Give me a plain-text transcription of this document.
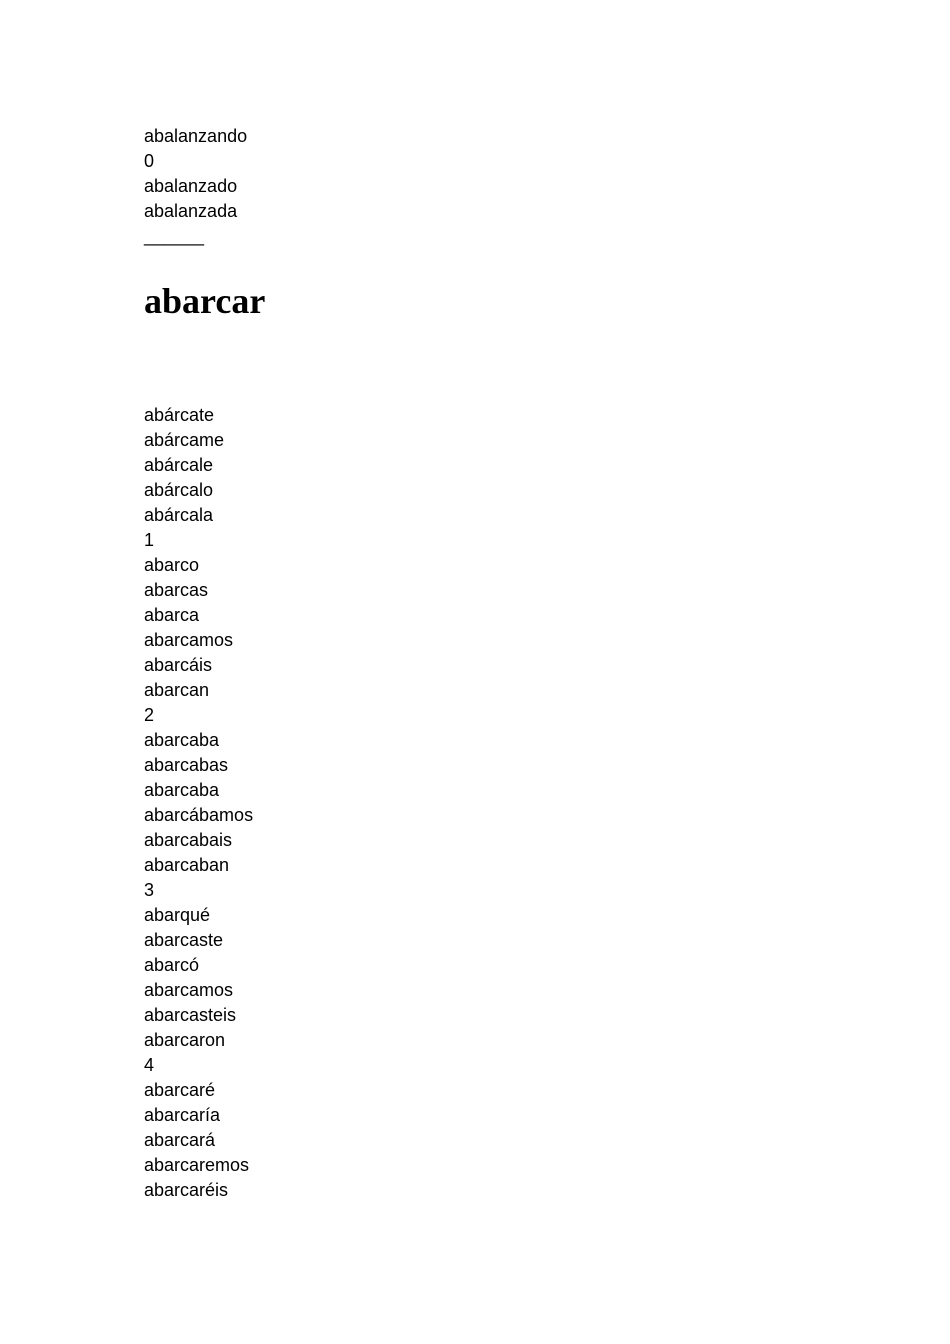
abalanzando
0
abalanzado
abalanzada
______
abarcar
abárcate
abárcame
abárcale
abárcalo
abárcala
1
abarco
abarcas
abarca
abarcamos
abarcáis
abarcan
2
abarcaba
abarcabas
abarcaba
abarcábamos
abarcabais
abarcaban
3
abarqué
abarcaste
abarcó
abarcamos
abarcasteis
abarcaron
4
abarcaré
abarcaría
abarcará
abarcaremos
abarcaréis
